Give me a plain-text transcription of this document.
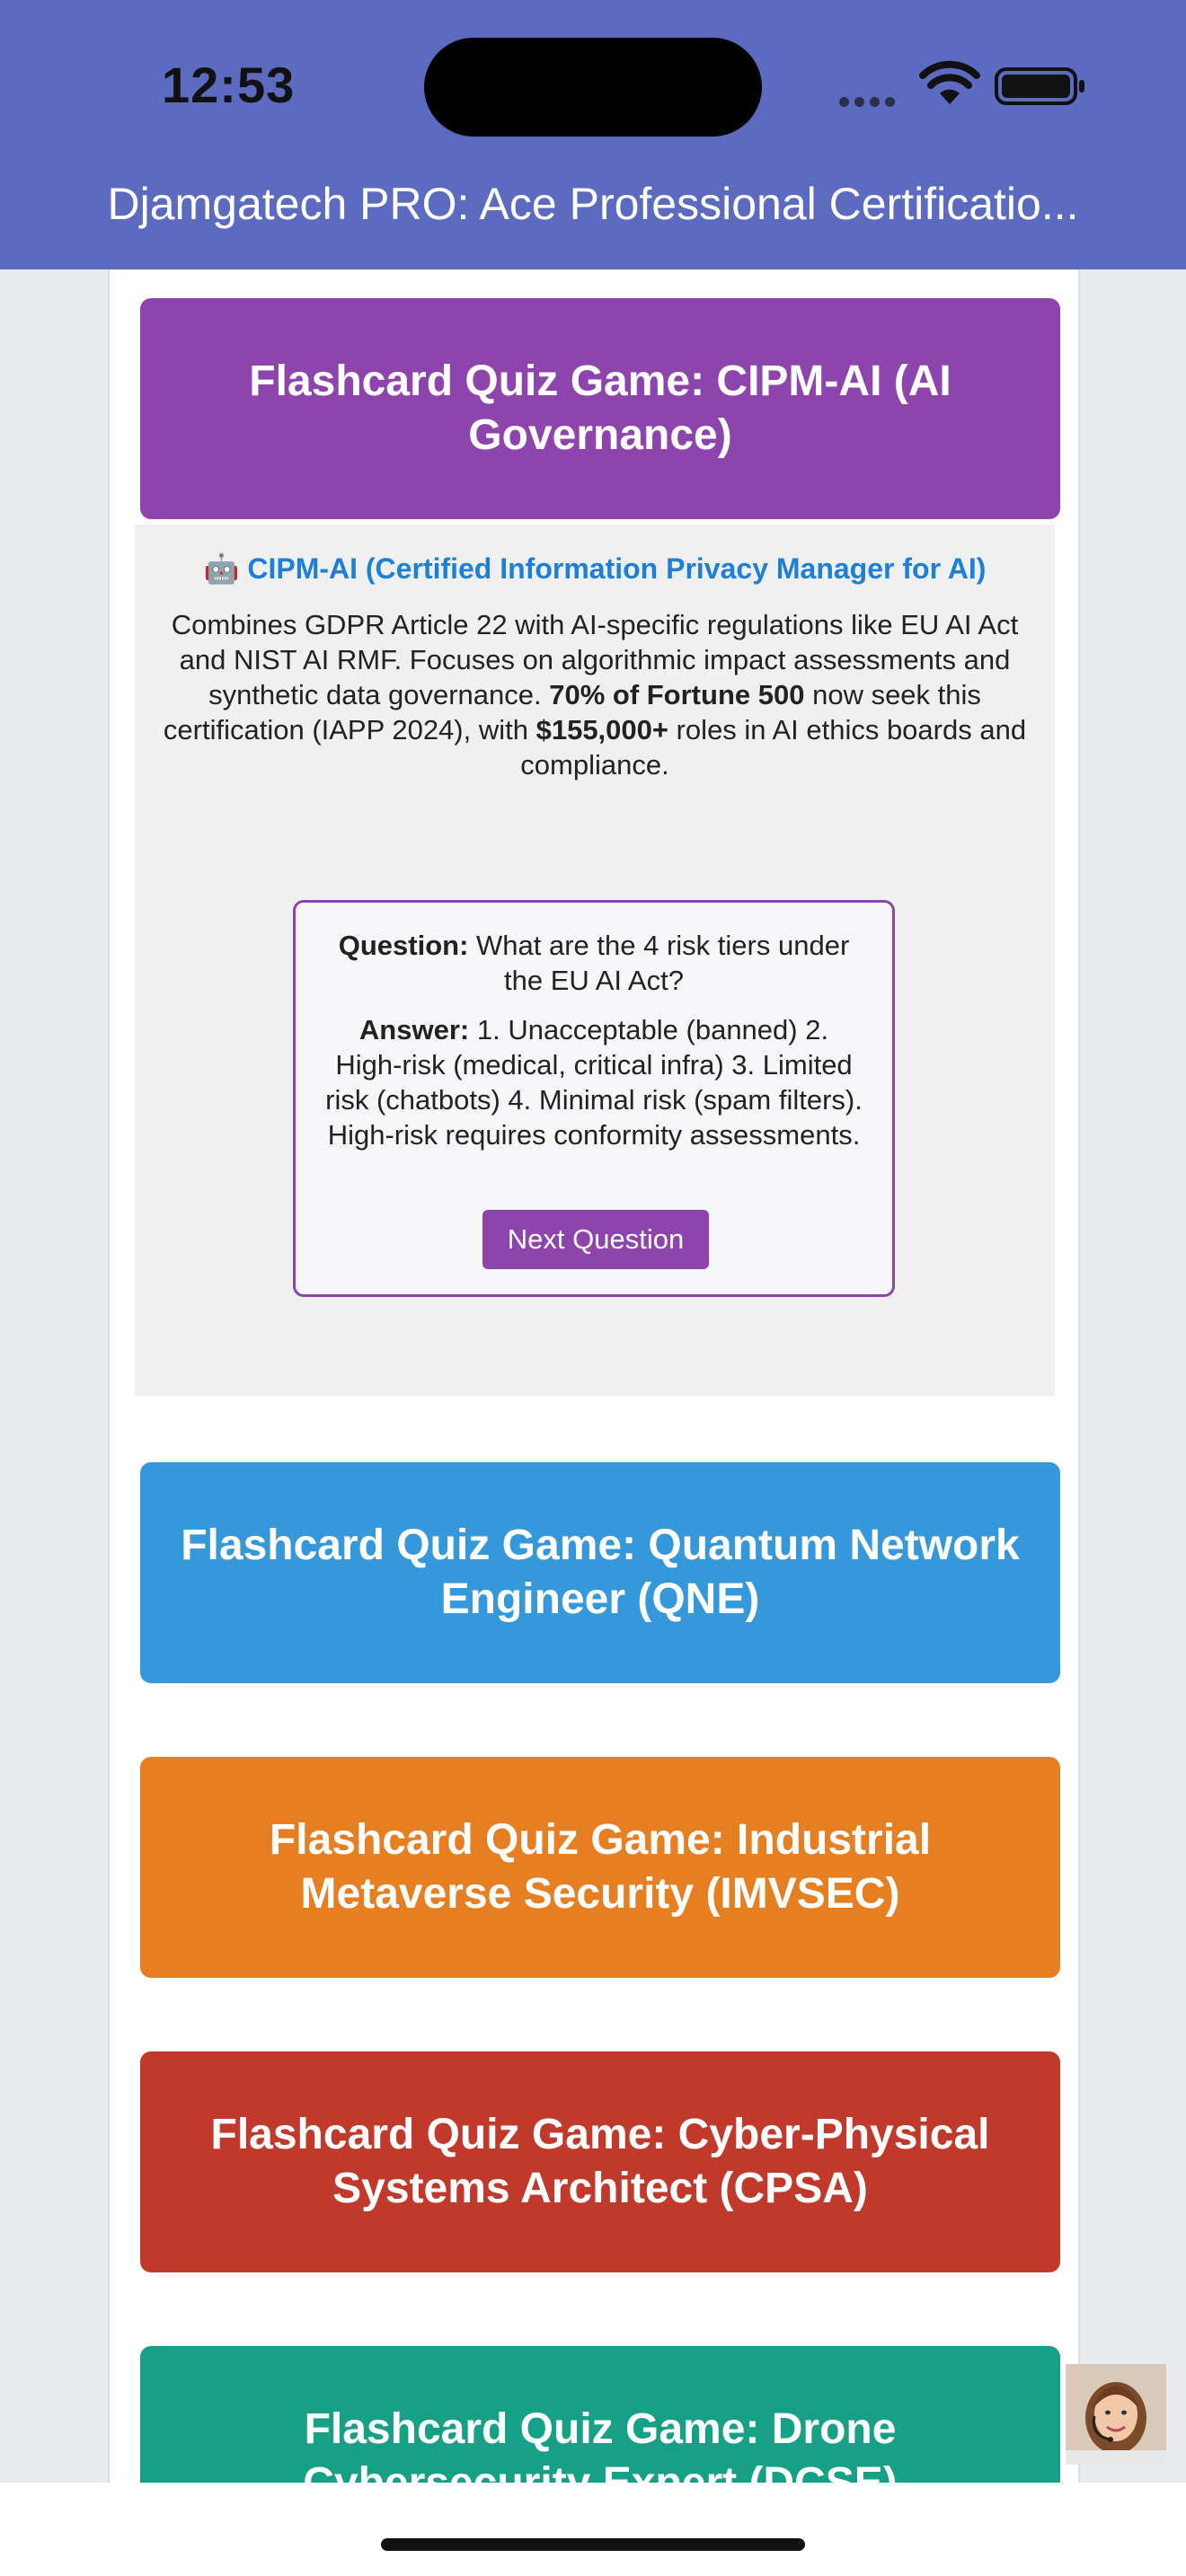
12:53
Djamgatech PRO: Ace Professional Certificatio...
Flashcard Quiz Game: CIPM-AI (AI Governance)
🤖 CIPM-AI (Certified Information Privacy Manager for AI)
Combines GDPR Article 22 with AI-specific regulations like EU AI Act and NIST AI RMF. Focuses on algorithmic impact assessments and synthetic data governance. 70% of Fortune 500 now seek this certification (IAPP 2024), with $155,000+ roles in AI ethics boards and compliance.
Question: What are the 4 risk tiers under the EU AI Act?
Answer: 1. Unacceptable (banned) 2. High-risk (medical, critical infra) 3. Limited risk (chatbots) 4. Minimal risk (spam filters). High-risk requires conformity assessments.
Next Question
Flashcard Quiz Game: Quantum Network Engineer (QNE)
Flashcard Quiz Game: Industrial Metaverse Security (IMVSEC)
Flashcard Quiz Game: Cyber-Physical Systems Architect (CPSA)
Flashcard Quiz Game: Drone
